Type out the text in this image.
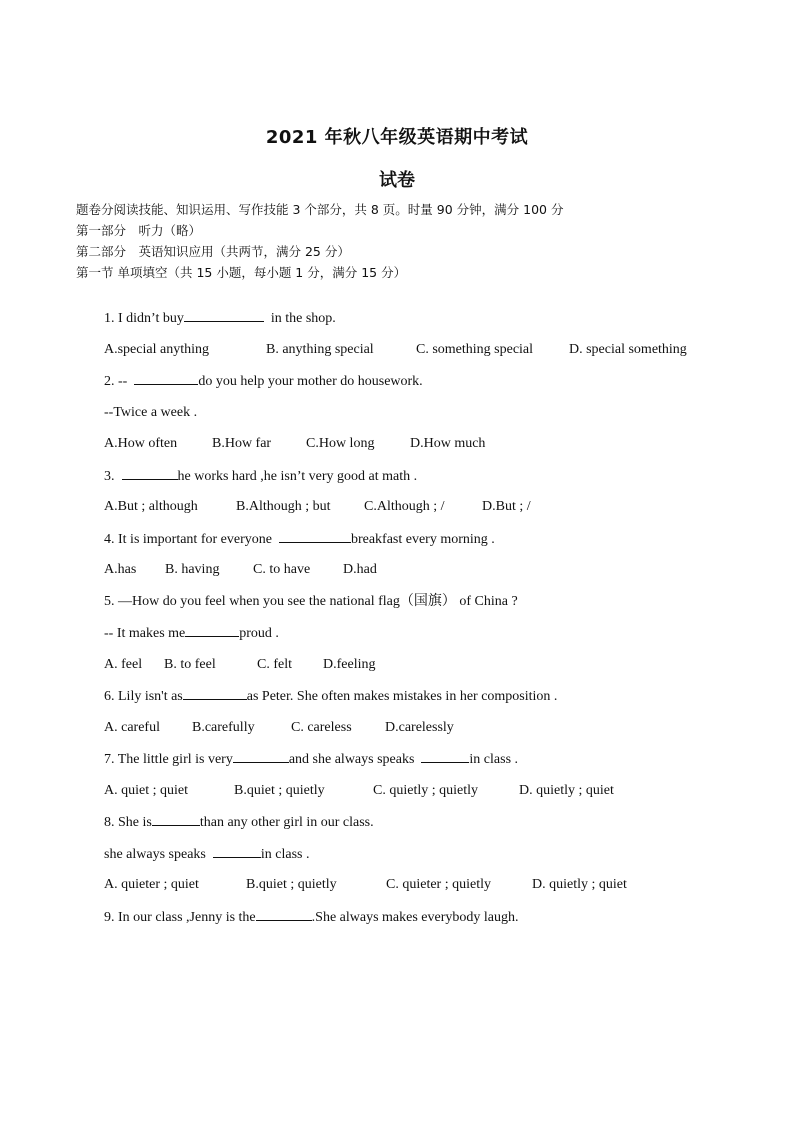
2021 年秋八年级英语期中考试
试卷
题卷分阅读技能、知识运用、写作技能 3 个部分，共 8 页。时量 90 分钟，满分 100 分
第一部分　听力（略）
第二部分　英语知识应用（共两节，满分 25 分）
第一节 单项填空（共 15 小题，每小题 1 分，满分 15 分）
1. I didn’t buy	in the shop.
A.special anything	B. anything special	C. something special	D. special something
2. --	do you help your mother do housework.
--Twice a week .
A.How often B.How far C.How long	D.How much
3.	he works hard ,he isn’t very good at math .
A.But ; although	B.Although ; but C.Although ; /	D.But ; /
4. It is important for everyone	breakfast every morning .
A.has B. having C. to have D.had
5. —How do you feel when you see the national flag（国旗） of China ?
-- It makes me	proud .
A. feel B. to feel	C. felt D.feeling
6. Lily isn't as	as Peter. She often makes mistakes in her composition .
A. careful B.carefully	C. careless D.carelessly
7. The little girl is very	and she always speaks	in class .
A. quiet ; quiet	B.quiet ; quietly	C. quietly ; quietly	D. quietly ; quiet
8. She is	than any other girl in our class.
she always speaks	in class .
A. quieter ; quiet	B.quiet ; quietly	C. quieter ; quietly	D. quietly ; quiet
9. In our class ,Jenny is the	.She always makes everybody laugh.
